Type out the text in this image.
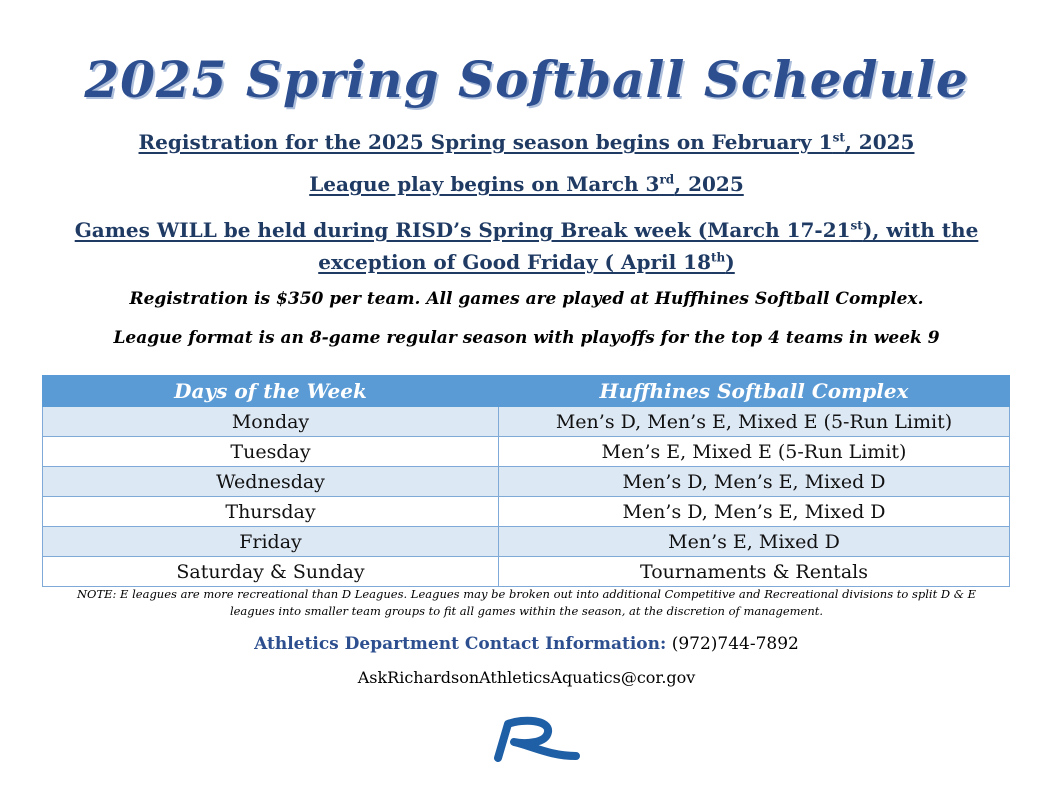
2025 Spring Softball Schedule
Registration for the 2025 Spring season begins on February 1st, 2025
League play begins on March 3rd, 2025
Games WILL be held during RISD’s Spring Break week (March 17-21st), with the
exception of Good Friday ( April 18th)
Registration is $350 per team. All games are played at Huffhines Softball Complex.
League format is an 8-game regular season with playoffs for the top 4 teams in week 9
Days of the Week	Huffhines Softball Complex
Monday	Men’s D, Men’s E, Mixed E (5-Run Limit)
Tuesday	Men’s E, Mixed E (5-Run Limit)
Wednesday	Men’s D, Men’s E, Mixed D
Thursday	Men’s D, Men’s E, Mixed D
Friday	Men’s E, Mixed D
Saturday & Sunday	Tournaments & Rentals
NOTE: E leagues are more recreational than D Leagues. Leagues may be broken out into additional Competitive and Recreational divisions to split D & E
leagues into smaller team groups to fit all games within the season, at the discretion of management.
Athletics Department Contact Information: (972)744-7892
AskRichardsonAthleticsAquatics@cor.gov
